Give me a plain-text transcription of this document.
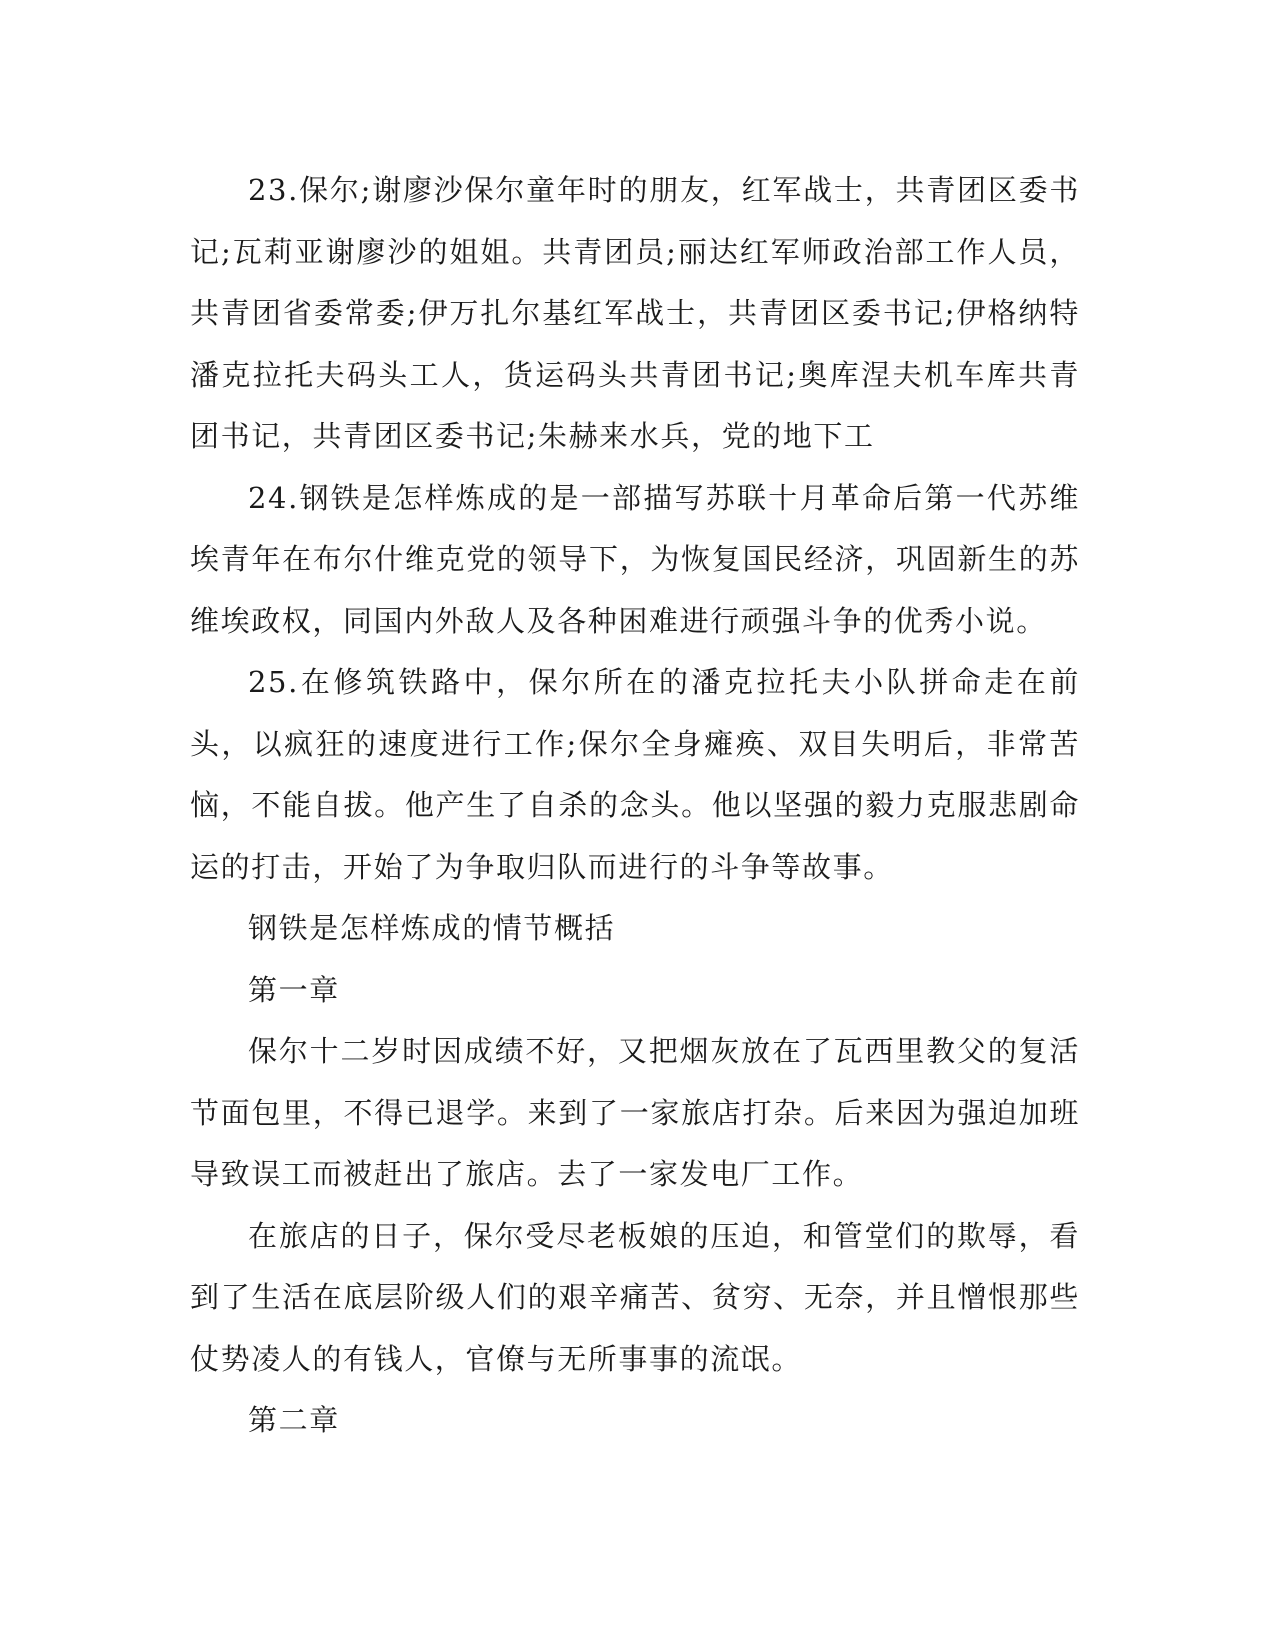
23.保尔;谢廖沙保尔童年时的朋友，红军战士，共青团区委书记;瓦莉亚谢廖沙的姐姐。共青团员;丽达红军师政治部工作人员，共青团省委常委;伊万扎尔基红军战士，共青团区委书记;伊格纳特潘克拉托夫码头工人，货运码头共青团书记;奥库涅夫机车库共青团书记，共青团区委书记;朱赫来水兵，党的地下工

24.钢铁是怎样炼成的是一部描写苏联十月革命后第一代苏维埃青年在布尔什维克党的领导下，为恢复国民经济，巩固新生的苏维埃政权，同国内外敌人及各种困难进行顽强斗争的优秀小说。

25.在修筑铁路中，保尔所在的潘克拉托夫小队拼命走在前头，以疯狂的速度进行工作;保尔全身瘫痪、双目失明后，非常苦恼，不能自拔。他产生了自杀的念头。他以坚强的毅力克服悲剧命运的打击，开始了为争取归队而进行的斗争等故事。

钢铁是怎样炼成的情节概括

第一章

保尔十二岁时因成绩不好，又把烟灰放在了瓦西里教父的复活节面包里，不得已退学。来到了一家旅店打杂。后来因为强迫加班导致误工而被赶出了旅店。去了一家发电厂工作。

在旅店的日子，保尔受尽老板娘的压迫，和管堂们的欺辱，看到了生活在底层阶级人们的艰辛痛苦、贫穷、无奈，并且憎恨那些仗势凌人的有钱人，官僚与无所事事的流氓。

第二章
